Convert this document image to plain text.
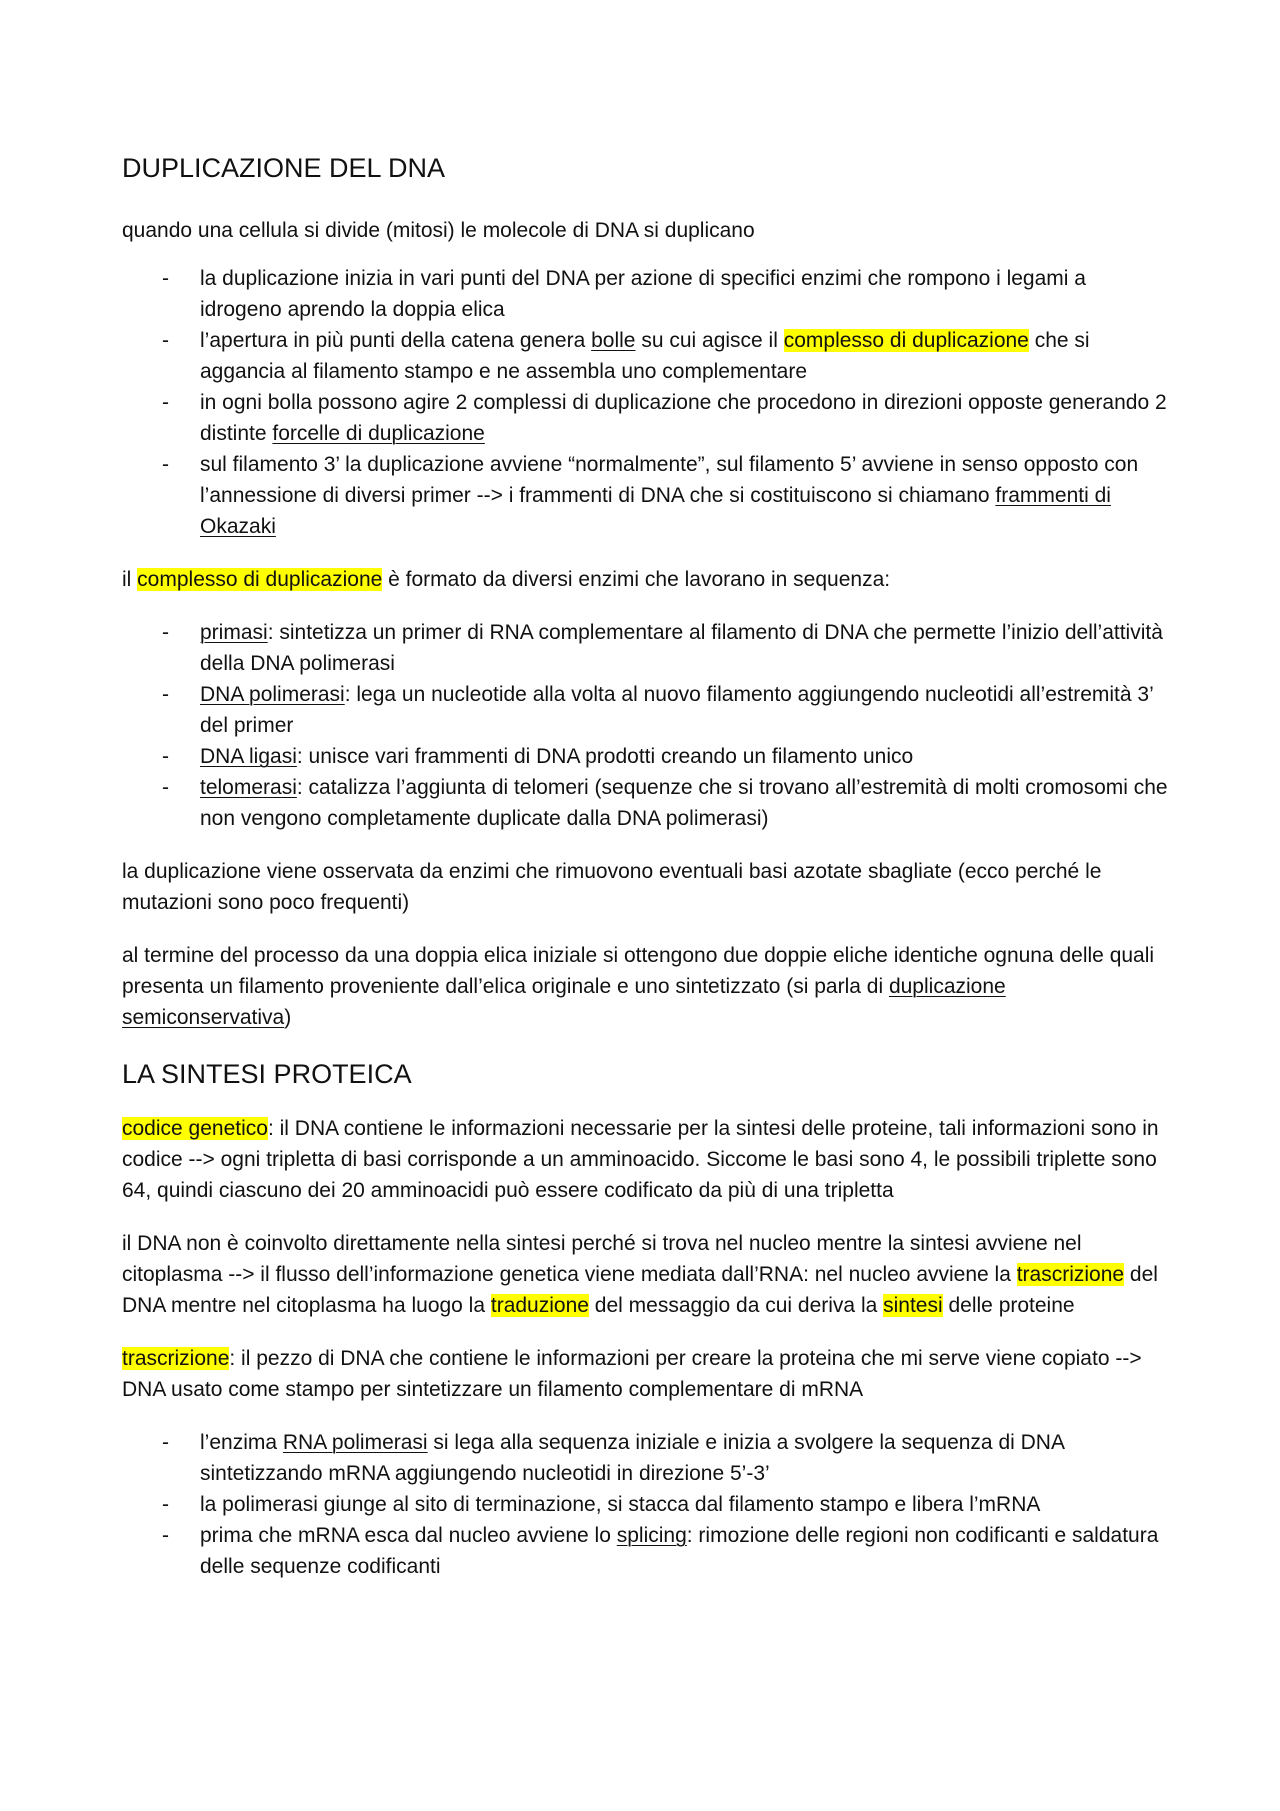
DUPLICAZIONE DEL DNA

quando una cellula si divide (mitosi) le molecole di DNA si duplicano

- la duplicazione inizia in vari punti del DNA per azione di specifici enzimi che rompono i legami a idrogeno aprendo la doppia elica
- l’apertura in più punti della catena genera bolle su cui agisce il complesso di duplicazione che si aggancia al filamento stampo e ne assembla uno complementare
- in ogni bolla possono agire 2 complessi di duplicazione che procedono in direzioni opposte generando 2 distinte forcelle di duplicazione
- sul filamento 3’ la duplicazione avviene “normalmente”, sul filamento 5’ avviene in senso opposto con l’annessione di diversi primer --> i frammenti di DNA che si costituiscono si chiamano frammenti di Okazaki

il complesso di duplicazione è formato da diversi enzimi che lavorano in sequenza:

- primasi: sintetizza un primer di RNA complementare al filamento di DNA che permette l’inizio dell’attività della DNA polimerasi
- DNA polimerasi: lega un nucleotide alla volta al nuovo filamento aggiungendo nucleotidi all’estremità 3’ del primer
- DNA ligasi: unisce vari frammenti di DNA prodotti creando un filamento unico
- telomerasi: catalizza l’aggiunta di telomeri (sequenze che si trovano all’estremità di molti cromosomi che non vengono completamente duplicate dalla DNA polimerasi)

la duplicazione viene osservata da enzimi che rimuovono eventuali basi azotate sbagliate (ecco perché le mutazioni sono poco frequenti)

al termine del processo da una doppia elica iniziale si ottengono due doppie eliche identiche ognuna delle quali presenta un filamento proveniente dall’elica originale e uno sintetizzato (si parla di duplicazione semiconservativa)

LA SINTESI PROTEICA

codice genetico: il DNA contiene le informazioni necessarie per la sintesi delle proteine, tali informazioni sono in codice --> ogni tripletta di basi corrisponde a un amminoacido. Siccome le basi sono 4, le possibili triplette sono 64, quindi ciascuno dei 20 amminoacidi può essere codificato da più di una tripletta

il DNA non è coinvolto direttamente nella sintesi perché si trova nel nucleo mentre la sintesi avviene nel citoplasma --> il flusso dell’informazione genetica viene mediata dall’RNA: nel nucleo avviene la trascrizione del DNA mentre nel citoplasma ha luogo la traduzione del messaggio da cui deriva la sintesi delle proteine

trascrizione: il pezzo di DNA che contiene le informazioni per creare la proteina che mi serve viene copiato --> DNA usato come stampo per sintetizzare un filamento complementare di mRNA

- l’enzima RNA polimerasi si lega alla sequenza iniziale e inizia a svolgere la sequenza di DNA sintetizzando mRNA aggiungendo nucleotidi in direzione 5’-3’
- la polimerasi giunge al sito di terminazione, si stacca dal filamento stampo e libera l’mRNA
- prima che mRNA esca dal nucleo avviene lo splicing: rimozione delle regioni non codificanti e saldatura delle sequenze codificanti
